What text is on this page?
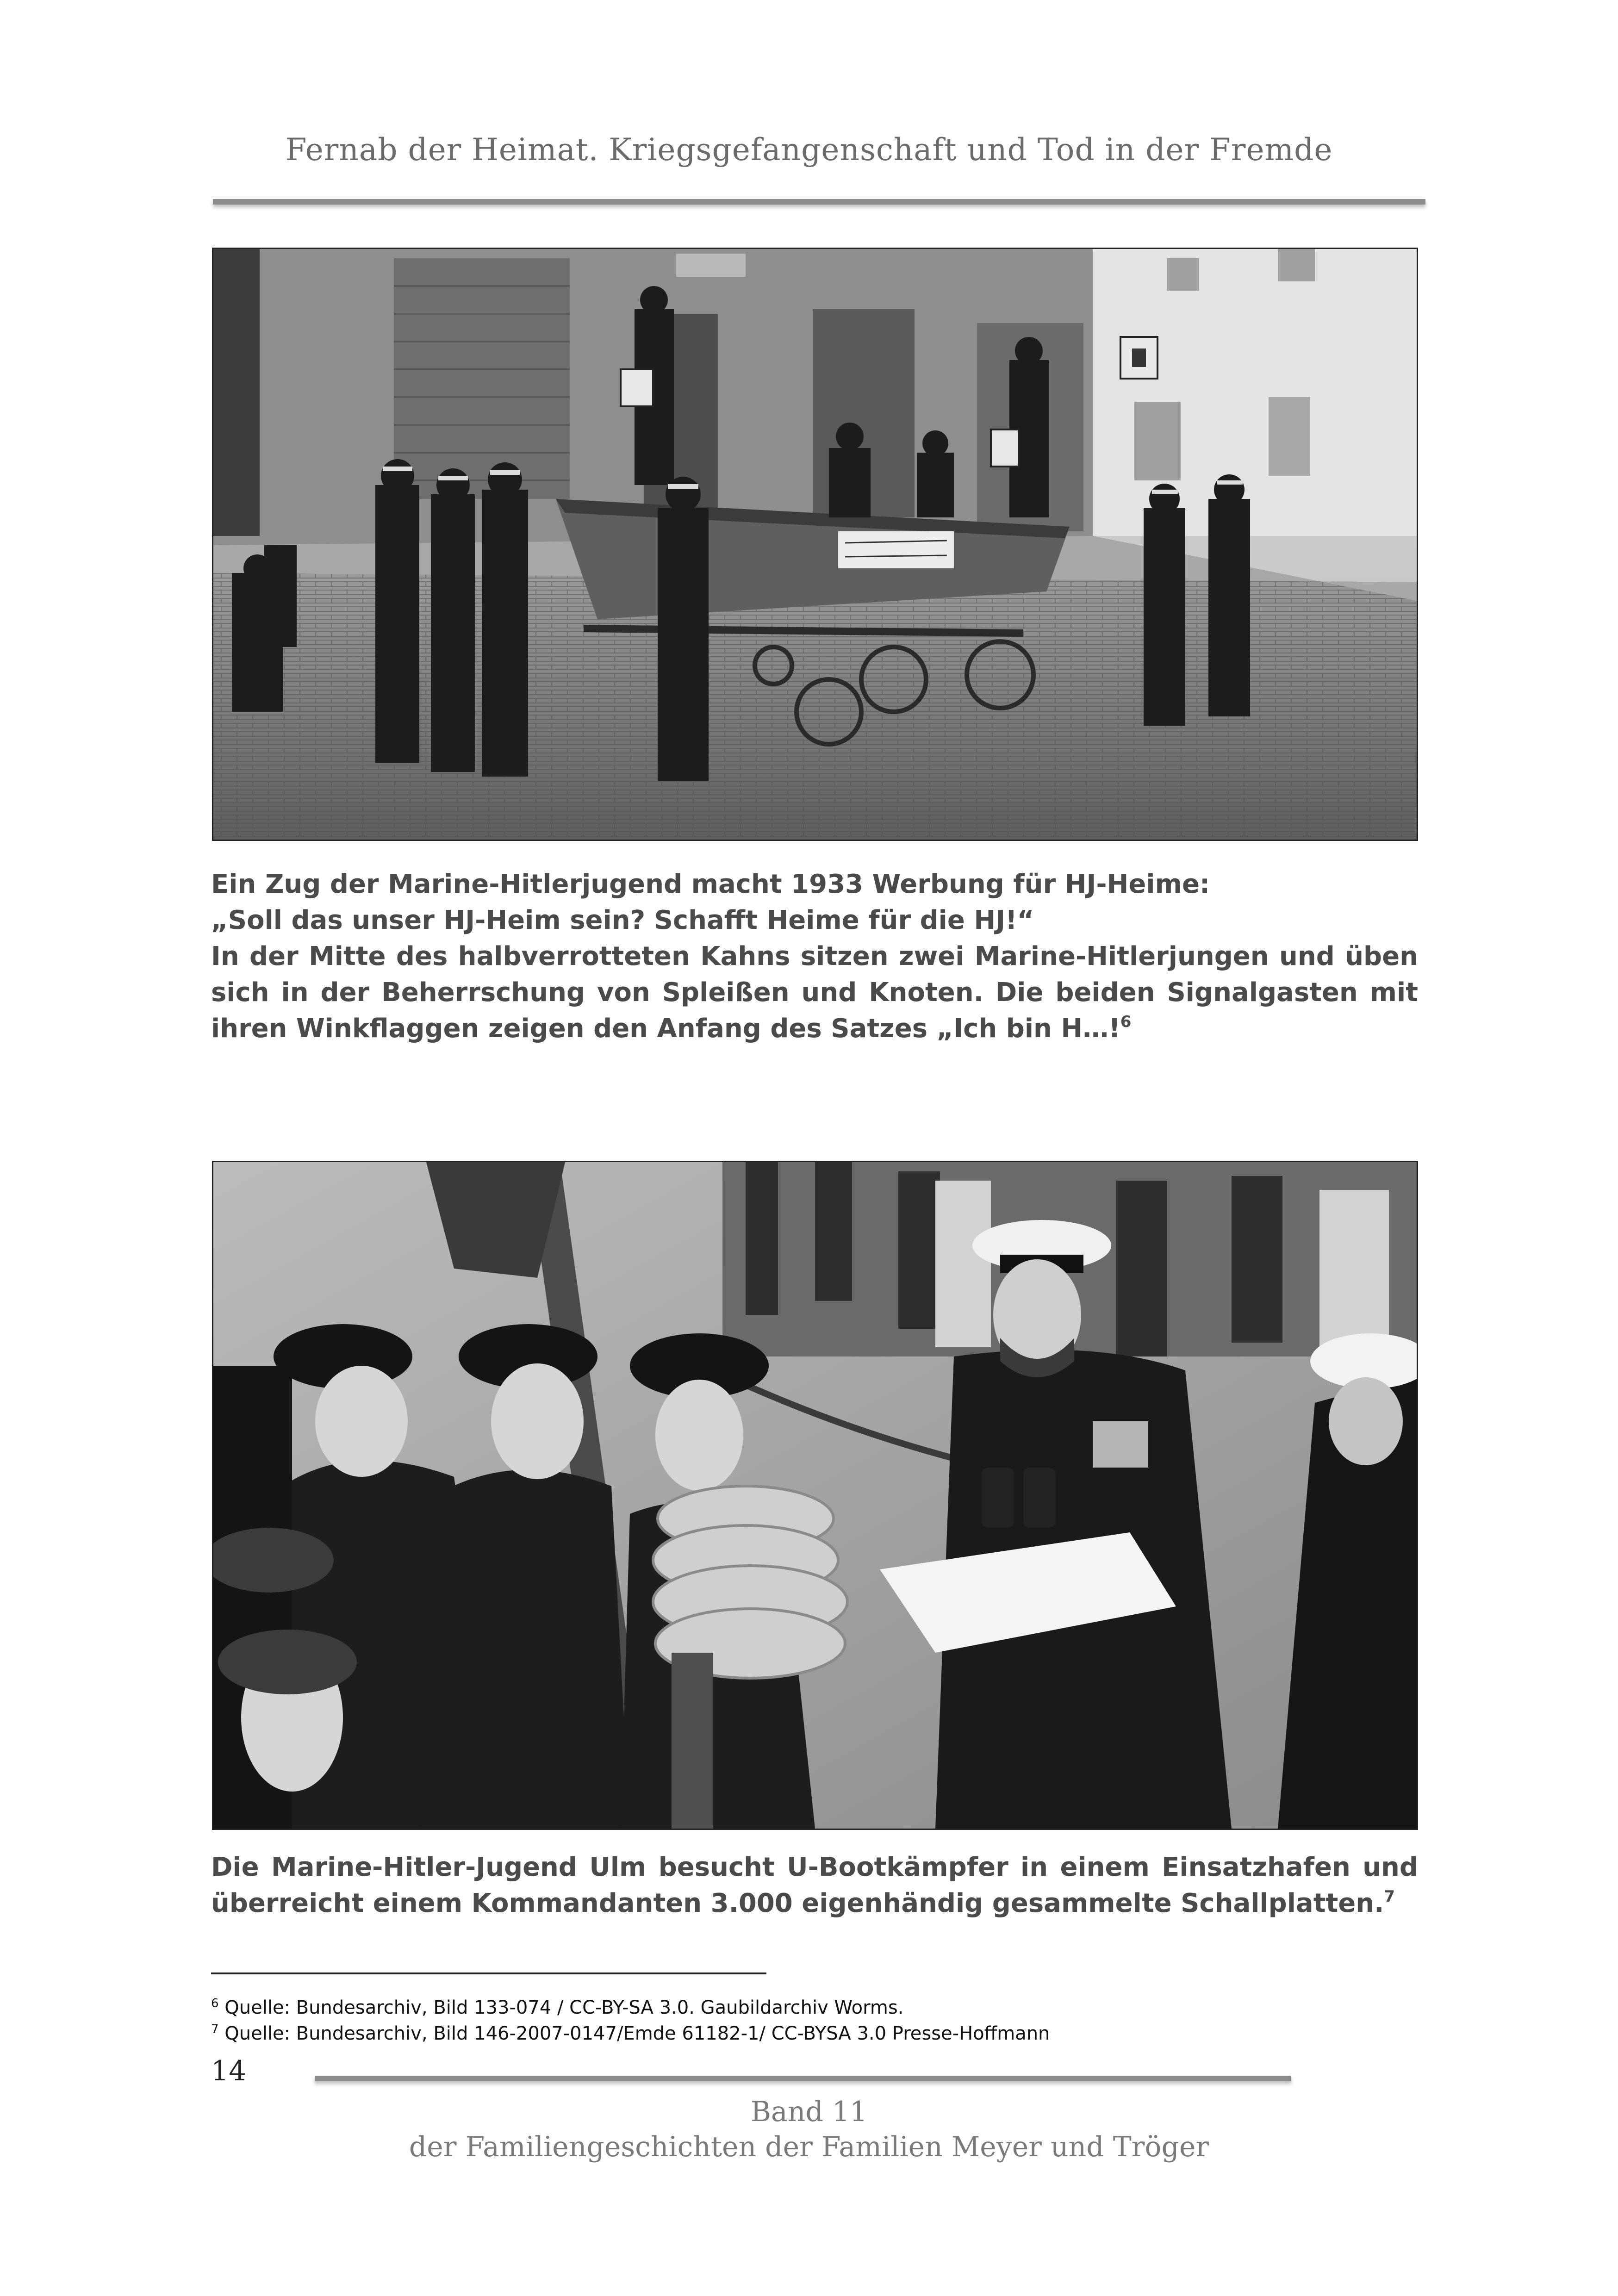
Fernab der Heimat. Kriegsgefangenschaft und Tod in der Fremde

Ein Zug der Marine-Hitlerjugend macht 1933 Werbung für HJ-Heime:

„Soll das unser HJ-Heim sein? Schafft Heime für die HJ!“

In der Mitte des halbverrotteten Kahns sitzen zwei Marine-Hitlerjungen und üben sich in der Beherrschung von Spleißen und Knoten. Die beiden Signalgasten mit ihren Winkflaggen zeigen den Anfang des Satzes „Ich bin H…!$^6$

Die Marine-Hitler-Jugend Ulm besucht U-Bootkämpfer in einem Einsatzhafen und überreicht einem Kommandanten 3.000 eigenhändig gesammelte Schallplatten.$^7$

$^6$ Quelle: Bundesarchiv, Bild 133-074 / CC-BY-SA 3.0. Gaubildarchiv Worms.
$^7$ Quelle: Bundesarchiv, Bild 146-2007-0147/Emde 61182-1/ CC-BYSA 3.0 Presse-Hoffmann
14
Band 11
der Familiengeschichten der Familien Meyer und Tröger
